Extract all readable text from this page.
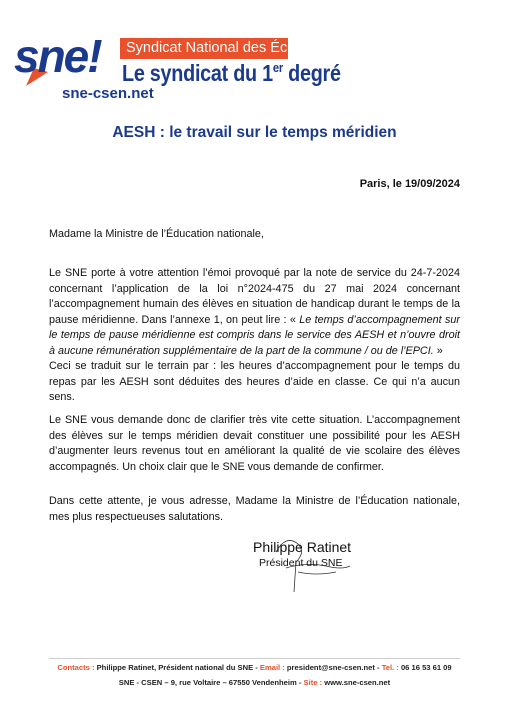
sne!	Syndicat National des Écoles
Le syndicat du 1er degré
sne-csen.net
AESH : le travail sur le temps méridien
Paris, le 19/09/2024
Madame la Ministre de l’Éducation nationale,
Le SNE porte à votre attention l’émoi provoqué par la note de service du 24-7-2024 concernant l’application de la loi n°2024-475 du 27 mai 2024 concernant l’accompagnement humain des élèves en situation de handicap durant le temps de la pause méridienne. Dans l’annexe 1, on peut lire : « Le temps d’accompagnement sur le temps de pause méridienne est compris dans le service des AESH et n’ouvre droit à aucune rémunération supplémentaire de la part de la commune / ou de l’EPCI. »
Ceci se traduit sur le terrain par : les heures d’accompagnement pour le temps du repas par les AESH sont déduites des heures d’aide en classe. Ce qui n’a aucun sens.
Le SNE vous demande donc de clarifier très vite cette situation. L’accompagnement des élèves sur le temps méridien devait constituer une possibilité pour les AESH d’augmenter leurs revenus tout en améliorant la qualité de vie scolaire des élèves accompagnés. Un choix clair que le SNE vous demande de confirmer.
Dans cette attente, je vous adresse, Madame la Ministre de l’Éducation nationale, mes plus respectueuses salutations.
Philippe Ratinet
Président du SNE
Contacts : Philippe Ratinet, Président national du SNE - Email : president@sne-csen.net - Tel. : 06 16 53 61 09
SNE - CSEN – 9, rue Voltaire – 67550 Vendenheim - Site : www.sne-csen.net
